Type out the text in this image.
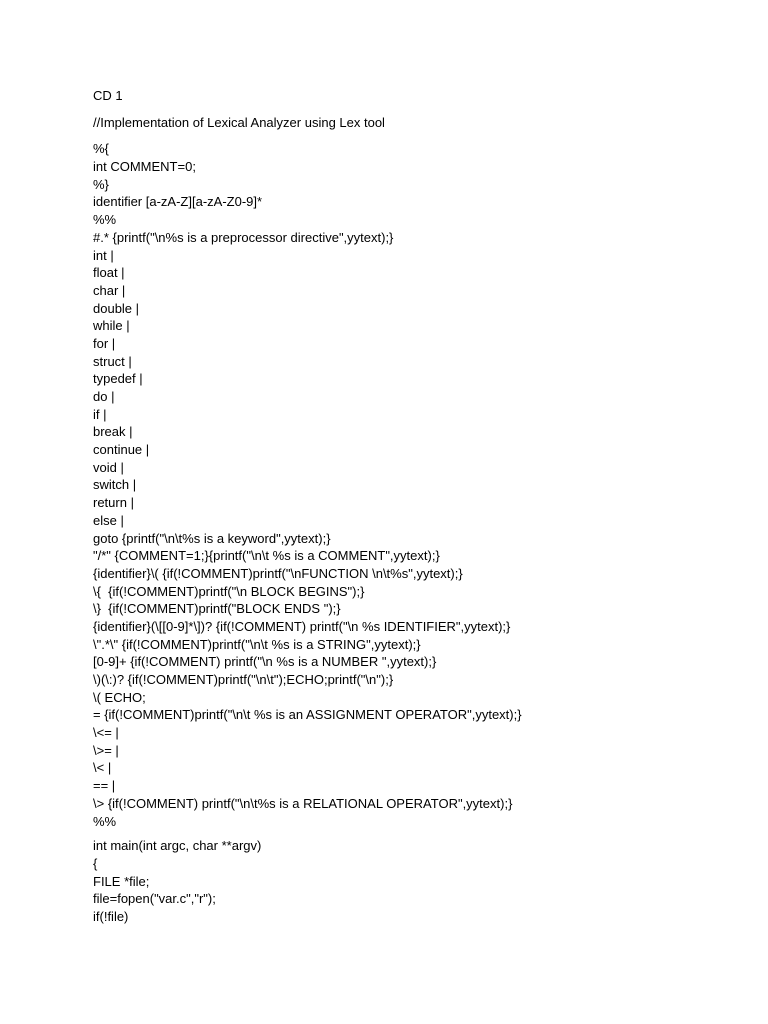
CD 1
//Implementation of Lexical Analyzer using Lex tool
%{
int COMMENT=0;
%}
identifier [a-zA-Z][a-zA-Z0-9]*
%%
#.* {printf("\n%s is a preprocessor directive",yytext);}
int |
float |
char |
double |
while |
for |
struct |
typedef |
do |
if |
break |
continue |
void |
switch |
return |
else |
goto {printf("\n\t%s is a keyword",yytext);}
"/*" {COMMENT=1;}{printf("\n\t %s is a COMMENT",yytext);}
{identifier}\( {if(!COMMENT)printf("\nFUNCTION \n\t%s",yytext);}
\{  {if(!COMMENT)printf("\n BLOCK BEGINS");}
\}  {if(!COMMENT)printf("BLOCK ENDS ");}
{identifier}(\[[0-9]*\])? {if(!COMMENT) printf("\n %s IDENTIFIER",yytext);}
\".*\" {if(!COMMENT)printf("\n\t %s is a STRING",yytext);}
[0-9]+ {if(!COMMENT) printf("\n %s is a NUMBER ",yytext);}
\)(\:)? {if(!COMMENT)printf("\n\t");ECHO;printf("\n");}
\( ECHO;
= {if(!COMMENT)printf("\n\t %s is an ASSIGNMENT OPERATOR",yytext);}
\<= |
\>= |
\< |
== |
\> {if(!COMMENT) printf("\n\t%s is a RELATIONAL OPERATOR",yytext);}
%%
int main(int argc, char **argv)
{
FILE *file;
file=fopen("var.c","r");
if(!file)
